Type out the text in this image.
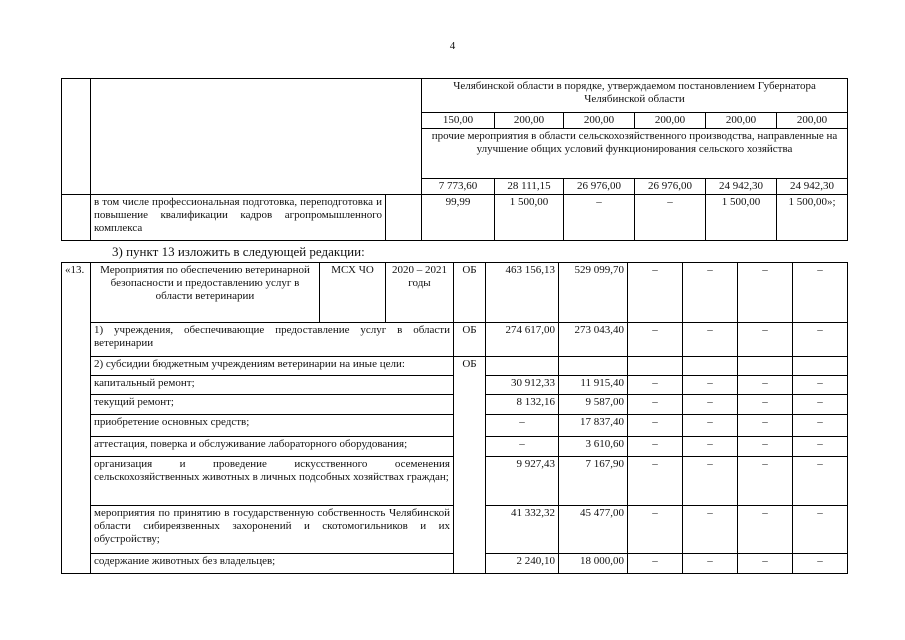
4
			Челябинской области в порядке, утверждаемом постановлением Губернатора Челябинской области					
			150,00	200,00	200,00	200,00	200,00	200,00
			прочие мероприятия в области сельскохозяйственного производства, направленные на улучшение общих условий функционирования сельского хозяйства					
			7 773,60	28 111,15	26 976,00	26 976,00	24 942,30	24 942,30

	в том числе профессиональная подготовка, переподготовка и повышение квалификации кадров агропромышленного комплекса		99,99	1 500,00	–	–	1 500,00	1 500,00»;
3) пункт 13 изложить в следующей редакции:
«13.	Мероприятия по обеспечению ветеринарной безопасности и предоставлению услуг в области ветеринарии	МСХ ЧО	2020 – 2021 годы	ОБ	463 156,13	529 099,70	–	–	–	–
	1) учреждения, обеспечивающие предоставление услуг в области ветеринарии			ОБ	274 617,00	273 043,40	–	–	–	–
	2) субсидии бюджетным учреждениям ветеринарии на иные цели:			ОБ						
	капитальный ремонт;				30 912,33	11 915,40	–	–	–	–
	текущий ремонт;				8 132,16	9 587,00	–	–	–	–
	приобретение основных средств;				–	17 837,40	–	–	–	–
	аттестация, поверка и обслуживание лабораторного оборудования;				–	3 610,60	–	–	–	–
	организация и проведение искусственного осеменения сельскохозяйственных животных в личных подсобных хозяйствах граждан;				9 927,43	7 167,90	–	–	–	–
	мероприятия по принятию в государственную собственность Челябинской области сибиреязвенных захоронений и скотомогильников и их обустройству;				41 332,32	45 477,00	–	–	–	–
	содержание животных без владельцев;				2 240,10	18 000,00	–	–	–	–
